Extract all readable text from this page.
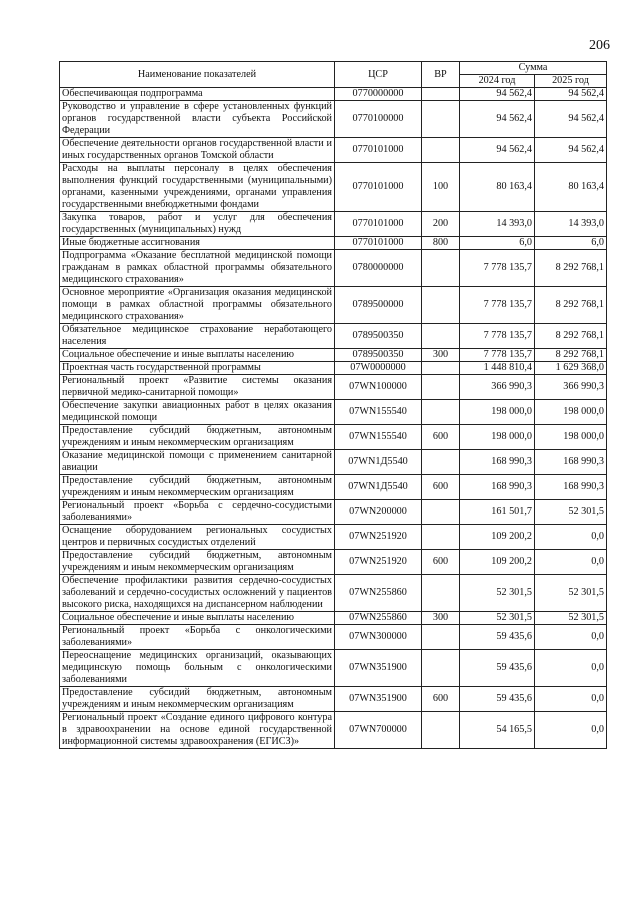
206
Наименование показателей	ЦСР	ВР	Сумма	
			2024 год	2025 год
Обеспечивающая подпрограмма	0770000000		94 562,4	94 562,4
Руководство и управление в сфере установленных функций органов государственной власти субъекта Российской Федерации	0770100000		94 562,4	94 562,4
Обеспечение деятельности органов государственной власти и иных государственных органов Томской области	0770101000		94 562,4	94 562,4
Расходы на выплаты персоналу в целях обеспечения выполнения функций государственными (муниципальными) органами, казенными учреждениями, органами управления государственными внебюджетными фондами	0770101000	100	80 163,4	80 163,4
Закупка товаров, работ и услуг для обеспечения государственных (муниципальных) нужд	0770101000	200	14 393,0	14 393,0
Иные бюджетные ассигнования	0770101000	800	6,0	6,0
Подпрограмма «Оказание бесплатной медицинской помощи гражданам в рамках областной программы обязательного медицинского страхования»	0780000000		7 778 135,7	8 292 768,1
Основное мероприятие «Организация оказания медицинской помощи в рамках областной программы обязательного медицинского страхования»	0789500000		7 778 135,7	8 292 768,1
Обязательное медицинское страхование неработающего населения	0789500350		7 778 135,7	8 292 768,1
Социальное обеспечение и иные выплаты населению	0789500350	300	7 778 135,7	8 292 768,1
Проектная часть государственной программы	07W0000000		1 448 810,4	1 629 368,0
Региональный проект «Развитие системы оказания первичной медико-санитарной помощи»	07WN100000		366 990,3	366 990,3
Обеспечение закупки авиационных работ в целях оказания медицинской помощи	07WN155540		198 000,0	198 000,0
Предоставление субсидий бюджетным, автономным учреждениям и иным некоммерческим организациям	07WN155540	600	198 000,0	198 000,0
Оказание медицинской помощи с применением санитарной авиации	07WN1Д5540		168 990,3	168 990,3
Предоставление субсидий бюджетным, автономным учреждениям и иным некоммерческим организациям	07WN1Д5540	600	168 990,3	168 990,3
Региональный проект «Борьба с сердечно-сосудистыми заболеваниями»	07WN200000		161 501,7	52 301,5
Оснащение оборудованием региональных сосудистых центров и первичных сосудистых отделений	07WN251920		109 200,2	0,0
Предоставление субсидий бюджетным, автономным учреждениям и иным некоммерческим организациям	07WN251920	600	109 200,2	0,0
Обеспечение профилактики развития сердечно-сосудистых заболеваний и сердечно-сосудистых осложнений у пациентов высокого риска, находящихся на диспансерном наблюдении	07WN255860		52 301,5	52 301,5
Социальное обеспечение и иные выплаты населению	07WN255860	300	52 301,5	52 301,5
Региональный проект «Борьба с онкологическими заболеваниями»	07WN300000		59 435,6	0,0
Переоснащение медицинских организаций, оказывающих медицинскую помощь больным с онкологическими заболеваниями	07WN351900		59 435,6	0,0
Предоставление субсидий бюджетным, автономным учреждениям и иным некоммерческим организациям	07WN351900	600	59 435,6	0,0
Региональный проект «Создание единого цифрового контура в здравоохранении на основе единой государственной информационной системы здравоохранения (ЕГИСЗ)»	07WN700000		54 165,5	0,0
